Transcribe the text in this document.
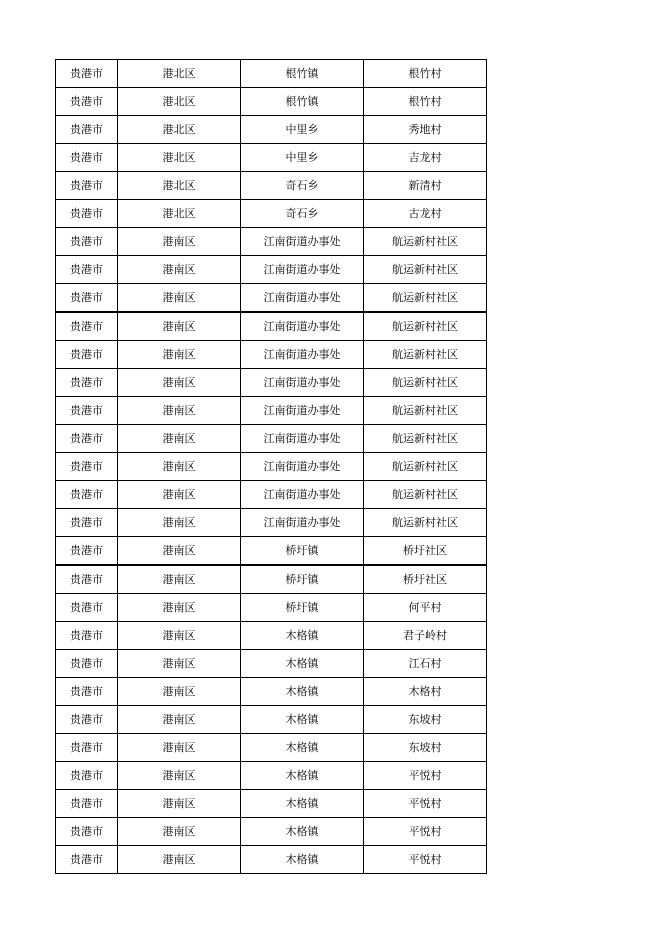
贵港市	港北区	根竹镇	根竹村
贵港市	港北区	根竹镇	根竹村
贵港市	港北区	中里乡	秀地村
贵港市	港北区	中里乡	吉龙村
贵港市	港北区	奇石乡	新清村
贵港市	港北区	奇石乡	古龙村
贵港市	港南区	江南街道办事处	航运新村社区
贵港市	港南区	江南街道办事处	航运新村社区
贵港市	港南区	江南街道办事处	航运新村社区
贵港市	港南区	江南街道办事处	航运新村社区
贵港市	港南区	江南街道办事处	航运新村社区
贵港市	港南区	江南街道办事处	航运新村社区
贵港市	港南区	江南街道办事处	航运新村社区
贵港市	港南区	江南街道办事处	航运新村社区
贵港市	港南区	江南街道办事处	航运新村社区
贵港市	港南区	江南街道办事处	航运新村社区
贵港市	港南区	江南街道办事处	航运新村社区
贵港市	港南区	桥圩镇	桥圩社区
贵港市	港南区	桥圩镇	桥圩社区
贵港市	港南区	桥圩镇	何平村
贵港市	港南区	木格镇	君子岭村
贵港市	港南区	木格镇	江石村
贵港市	港南区	木格镇	木格村
贵港市	港南区	木格镇	东坡村
贵港市	港南区	木格镇	东坡村
贵港市	港南区	木格镇	平悦村
贵港市	港南区	木格镇	平悦村
贵港市	港南区	木格镇	平悦村
贵港市	港南区	木格镇	平悦村
